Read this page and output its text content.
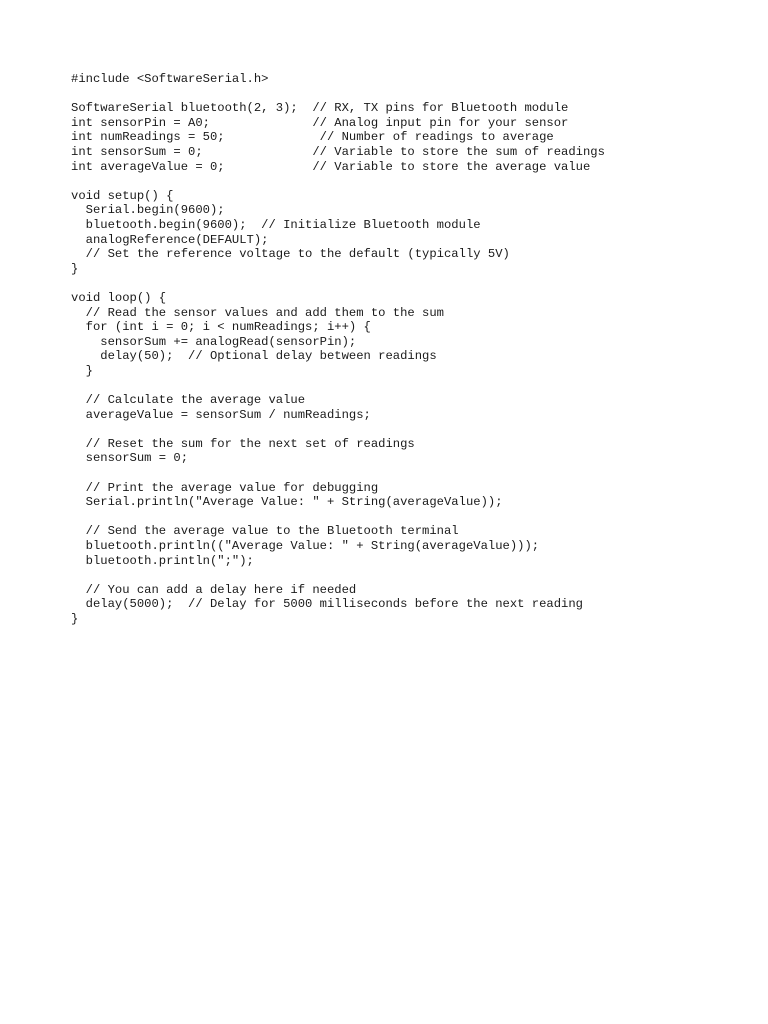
#include <SoftwareSerial.h>
SoftwareSerial bluetooth(2, 3);  // RX, TX pins for Bluetooth module
int sensorPin = A0;              // Analog input pin for your sensor
int numReadings = 50;             // Number of readings to average
int sensorSum = 0;               // Variable to store the sum of readings
int averageValue = 0;            // Variable to store the average value
void setup() {
Serial.begin(9600);
bluetooth.begin(9600);  // Initialize Bluetooth module
analogReference(DEFAULT);
// Set the reference voltage to the default (typically 5V)
}
void loop() {
// Read the sensor values and add them to the sum
for (int i = 0; i < numReadings; i++) {
sensorSum += analogRead(sensorPin);
delay(50);  // Optional delay between readings
}
// Calculate the average value
averageValue = sensorSum / numReadings;
// Reset the sum for the next set of readings
sensorSum = 0;
// Print the average value for debugging
Serial.println("Average Value: " + String(averageValue));
// Send the average value to the Bluetooth terminal
bluetooth.println(("Average Value: " + String(averageValue)));
bluetooth.println(";");
// You can add a delay here if needed
delay(5000);  // Delay for 5000 milliseconds before the next reading
}
